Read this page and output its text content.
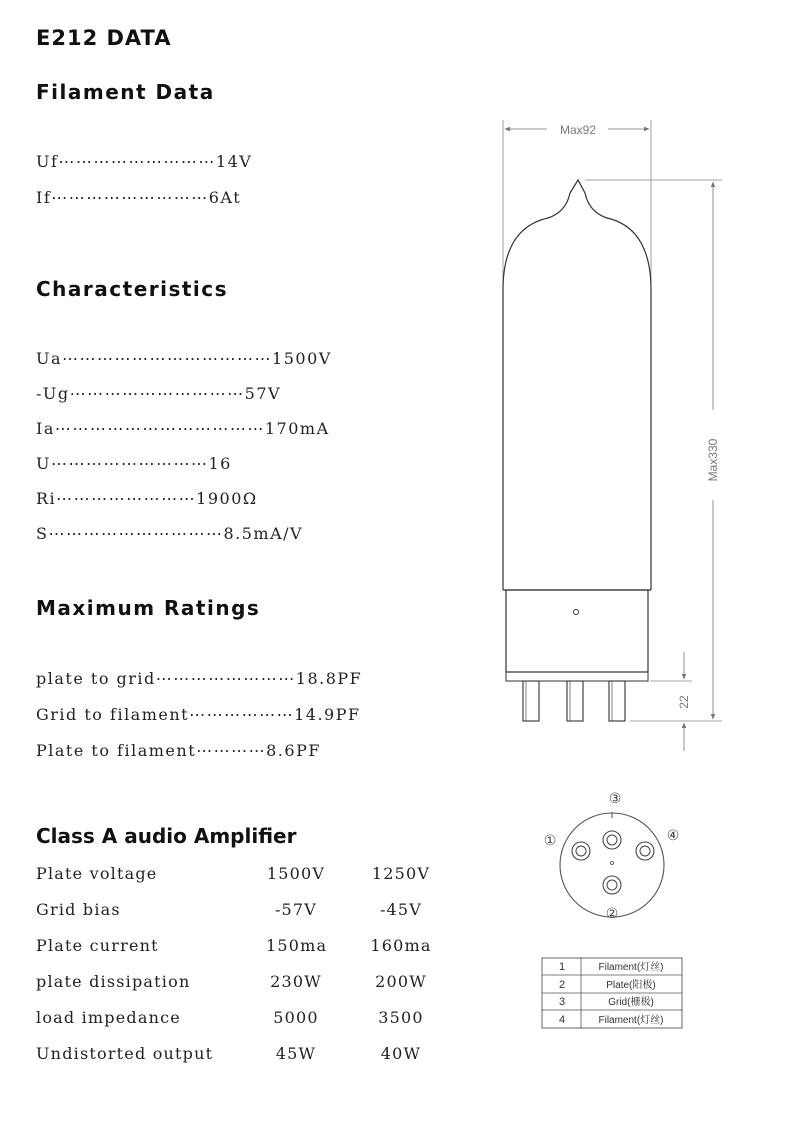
E212 DATA
Filament Data
Uf⋯⋯⋯⋯⋯⋯⋯⋯⋯14V
If⋯⋯⋯⋯⋯⋯⋯⋯⋯6At
Characteristics
Ua⋯⋯⋯⋯⋯⋯⋯⋯⋯⋯⋯⋯1500V
-Ug⋯⋯⋯⋯⋯⋯⋯⋯⋯⋯57V
Ia⋯⋯⋯⋯⋯⋯⋯⋯⋯⋯⋯⋯170mA
U⋯⋯⋯⋯⋯⋯⋯⋯⋯16
Ri⋯⋯⋯⋯⋯⋯⋯⋯1900Ω
S⋯⋯⋯⋯⋯⋯⋯⋯⋯⋯8.5mA/V
Maximum Ratings
plate to grid⋯⋯⋯⋯⋯⋯⋯⋯18.8PF
Grid to filament⋯⋯⋯⋯⋯⋯14.9PF
Plate to filament⋯⋯⋯⋯8.6PF
Class A audio Amplifier
Plate voltage	1500V	1250V
Grid bias	-57V	-45V
Plate current	150ma	160ma
plate dissipation	230W	200W
load impedance	5000	3500
Undistorted output	45W	40W
Max92
Max330
22
①
②
③
④
1	Filament(灯丝)
2	Plate(阳极)
3	Grid(栅极)
4	Filament(灯丝)
